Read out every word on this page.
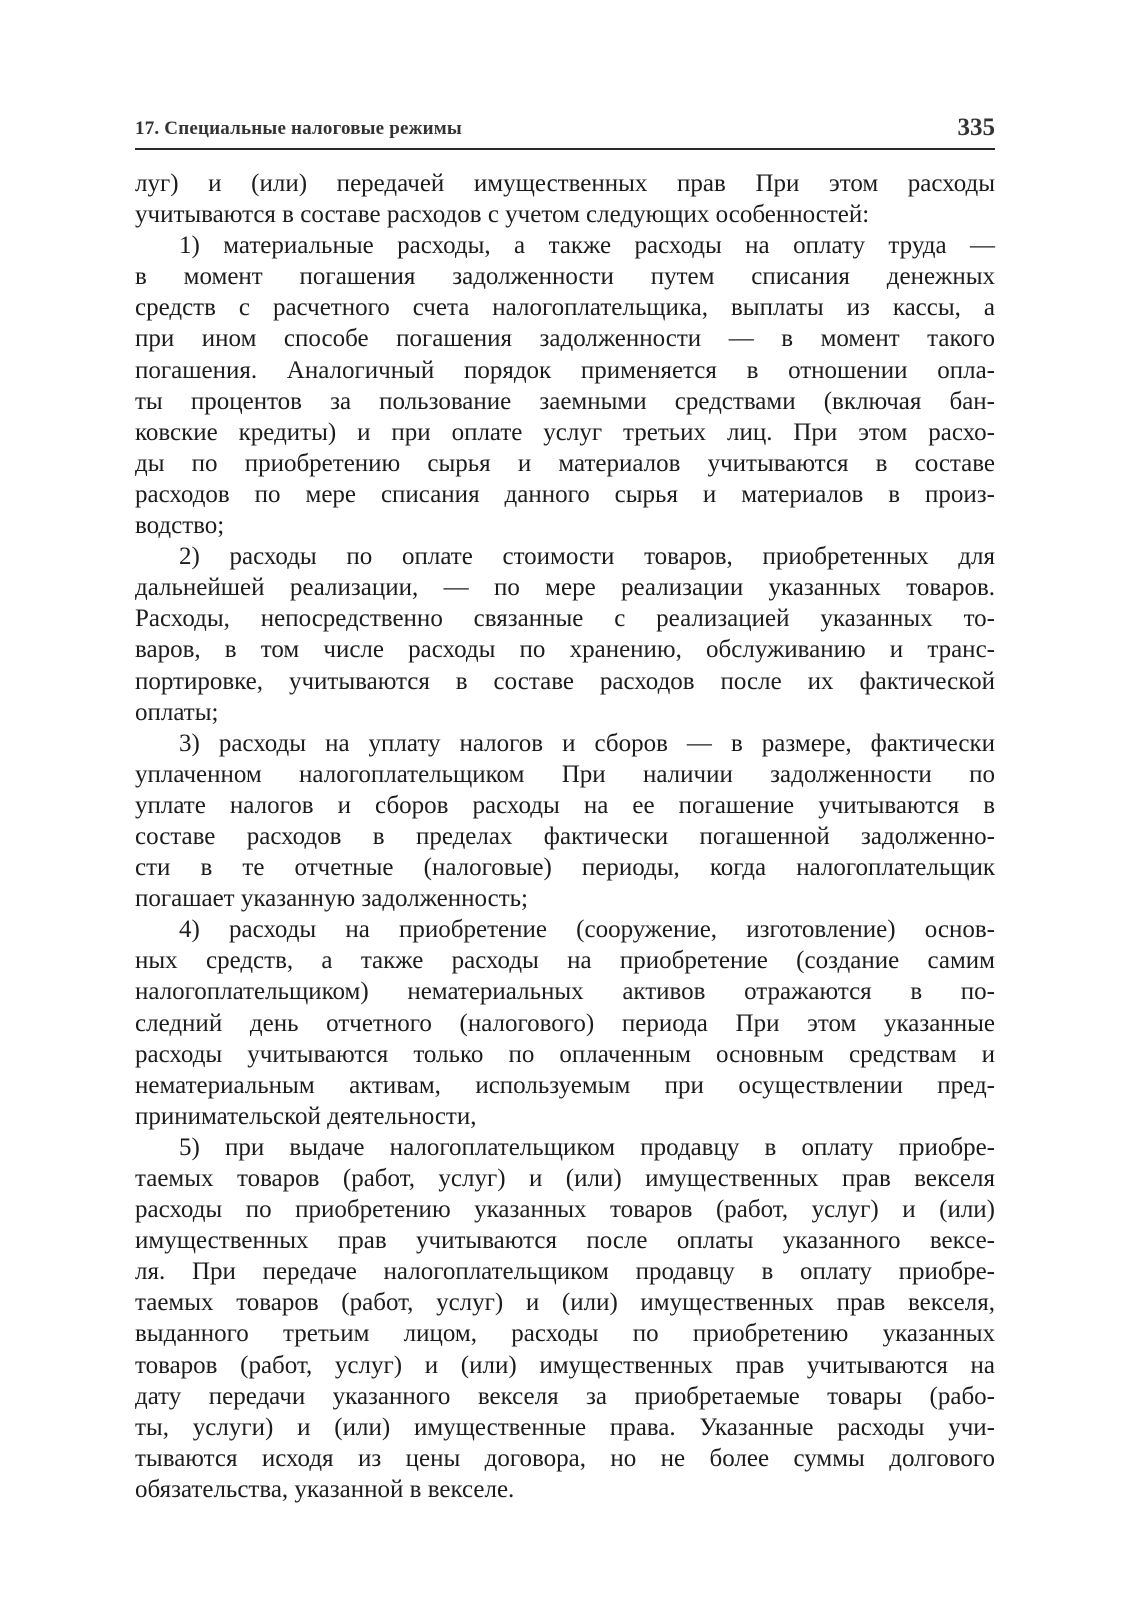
17. Специальные налоговые режимы	335
луг) и (или) передачей имущественных прав При этом расходы
учитываются в составе расходов с учетом следующих особенностей:
1) материальные расходы, а также расходы на оплату труда —
в момент погашения задолженности путем списания денежных
средств с расчетного счета налогоплательщика, выплаты из кассы, а
при ином способе погашения задолженности — в момент такого
погашения. Аналогичный порядок применяется в отношении опла-
ты процентов за пользование заемными средствами (включая бан-
ковские кредиты) и при оплате услуг третьих лиц. При этом расхо-
ды по приобретению сырья и материалов учитываются в составе
расходов по мере списания данного сырья и материалов в произ-
водство;
2) расходы по оплате стоимости товаров, приобретенных для
дальнейшей реализации, — по мере реализации указанных товаров.
Расходы, непосредственно связанные с реализацией указанных то-
варов, в том числе расходы по хранению, обслуживанию и транс-
портировке, учитываются в составе расходов после их фактической
оплаты;
3) расходы на уплату налогов и сборов — в размере, фактически
уплаченном налогоплательщиком При наличии задолженности по
уплате налогов и сборов расходы на ее погашение учитываются в
составе расходов в пределах фактически погашенной задолженно-
сти в те отчетные (налоговые) периоды, когда налогоплательщик
погашает указанную задолженность;
4) расходы на приобретение (сооружение, изготовление) основ-
ных средств, а также расходы на приобретение (создание самим
налогоплательщиком) нематериальных активов отражаются в по-
следний день отчетного (налогового) периода При этом указанные
расходы учитываются только по оплаченным основным средствам и
нематериальным активам, используемым при осуществлении пред-
принимательской деятельности,
5) при выдаче налогоплательщиком продавцу в оплату приобре-
таемых товаров (работ, услуг) и (или) имущественных прав векселя
расходы по приобретению указанных товаров (работ, услуг) и (или)
имущественных прав учитываются после оплаты указанного вексе-
ля. При передаче налогоплательщиком продавцу в оплату приобре-
таемых товаров (работ, услуг) и (или) имущественных прав векселя,
выданного третьим лицом, расходы по приобретению указанных
товаров (работ, услуг) и (или) имущественных прав учитываются на
дату передачи указанного векселя за приобретаемые товары (рабо-
ты, услуги) и (или) имущественные права. Указанные расходы учи-
тываются исходя из цены договора, но не более суммы долгового
обязательства, указанной в векселе.
